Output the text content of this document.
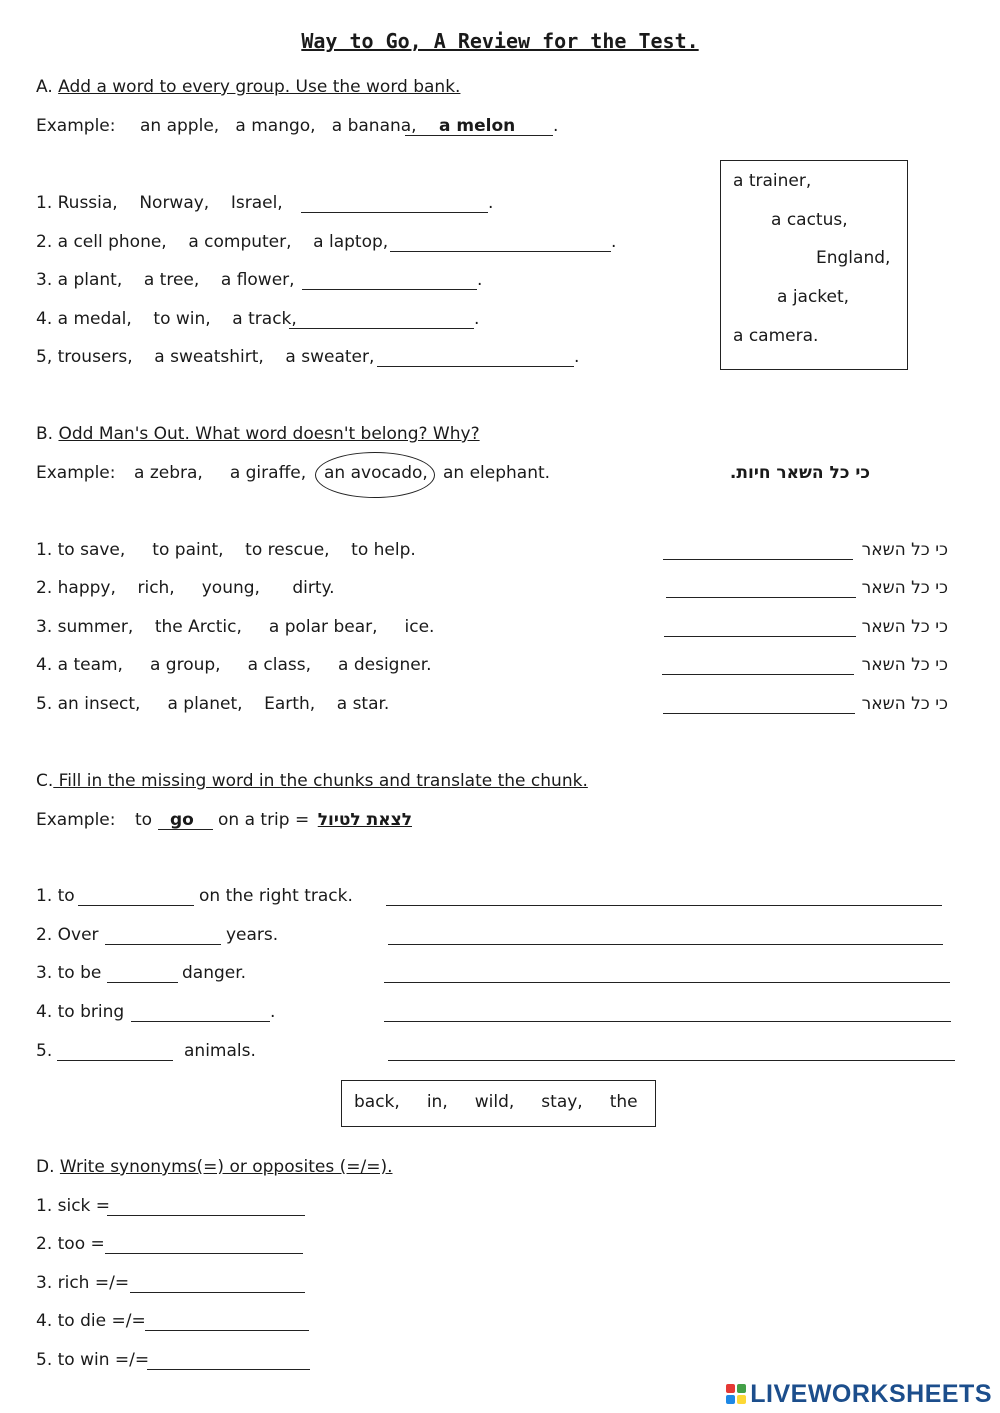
Way to Go, A Review for the Test.
A. Add a word to every group. Use the word bank.
Example: an apple,   a mango,   a banana, a melon .
1. Russia,    Norway,    Israel,	.
2. a cell phone,    a computer,    a laptop,	.
3. a plant,    a tree,    a flower,	.
4. a medal,    to win,    a track,	.
5, trousers,    a sweatshirt,    a sweater,	.
a trainer,
a cactus,
England,
a jacket,
a camera.
B. Odd Man's Out. What word doesn't belong? Why?
Example: a zebra,     a giraffe, an avocado, an elephant.	כי כל השאר חיות.
1. to save,     to paint,    to rescue,    to help.	כי כל השאר
2. happy,    rich,     young,      dirty.	כי כל השאר
3. summer,    the Arctic,     a polar bear,     ice.	כי כל השאר
4. a team,     a group,     a class,     a designer.	כי כל השאר
5. an insect,     a planet,    Earth,    a star.	כי כל השאר
C. Fill in the missing word in the chunks and translate the chunk.
Example: to go on a trip = לצאת לטיול
1. to	on the right track.
2. Over	years.
3. to be	danger.
4. to bring	.
5.	animals.
back,     in,     wild,     stay,     the
D. Write synonyms(=) or opposites (=/=).
1. sick =
2. too =
3. rich =/=
4. to die =/=
5. to win =/=
LIVEWORKSHEETS
